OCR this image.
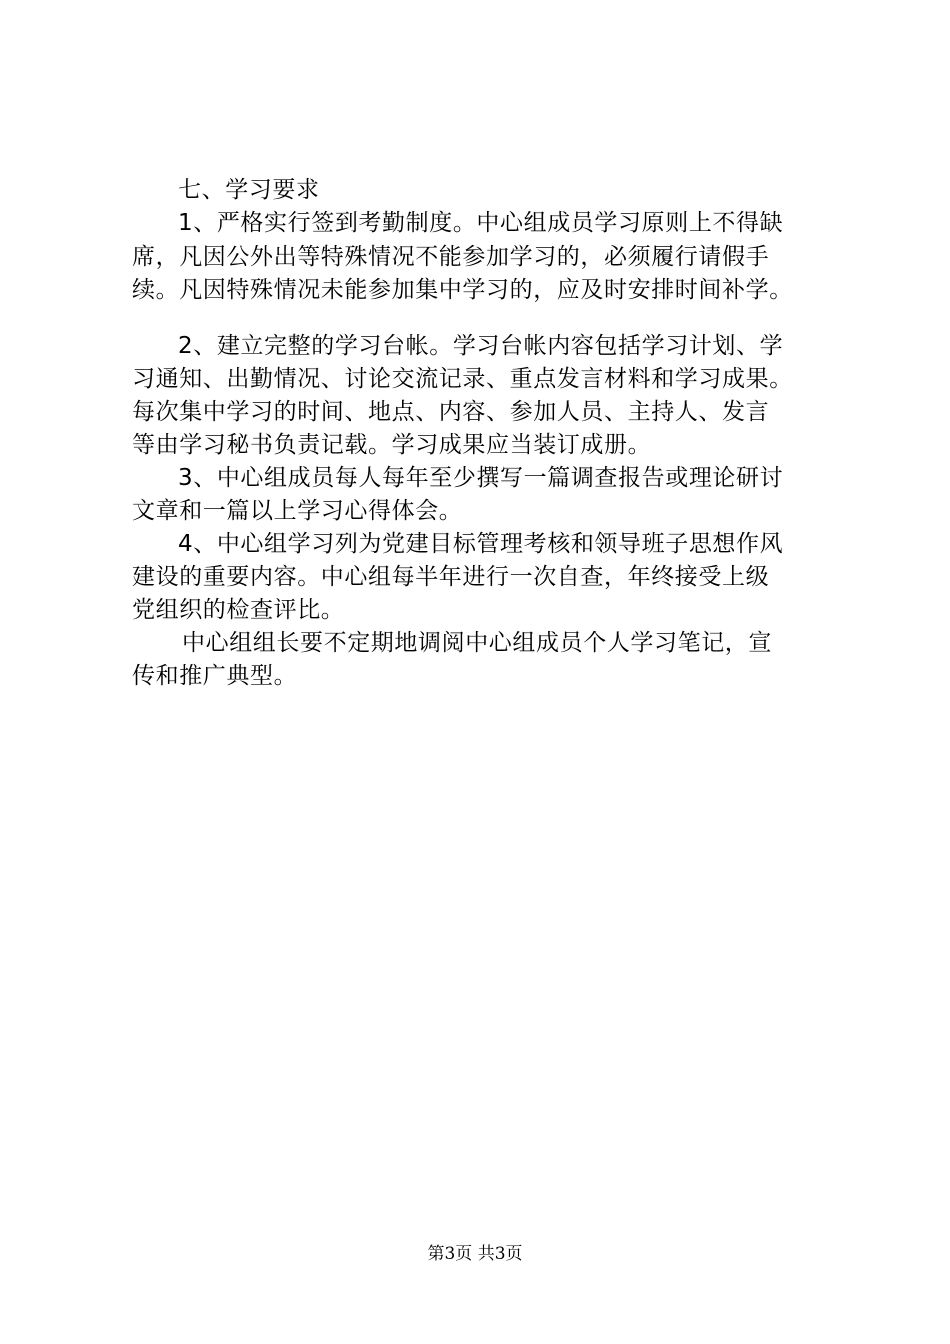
七、学习要求
1、严格实行签到考勤制度。中心组成员学习原则上不得缺
席，凡因公外出等特殊情况不能参加学习的，必须履行请假手
续。凡因特殊情况未能参加集中学习的，应及时安排时间补学。
2、建立完整的学习台帐。学习台帐内容包括学习计划、学
习通知、出勤情况、讨论交流记录、重点发言材料和学习成果。
每次集中学习的时间、地点、内容、参加人员、主持人、发言
等由学习秘书负责记载。学习成果应当装订成册。
3、中心组成员每人每年至少撰写一篇调查报告或理论研讨
文章和一篇以上学习心得体会。
4、中心组学习列为党建目标管理考核和领导班子思想作风
建设的重要内容。中心组每半年进行一次自查，年终接受上级
党组织的检查评比。
中心组组长要不定期地调阅中心组成员个人学习笔记，宣
传和推广典型。
第3页 共3页
